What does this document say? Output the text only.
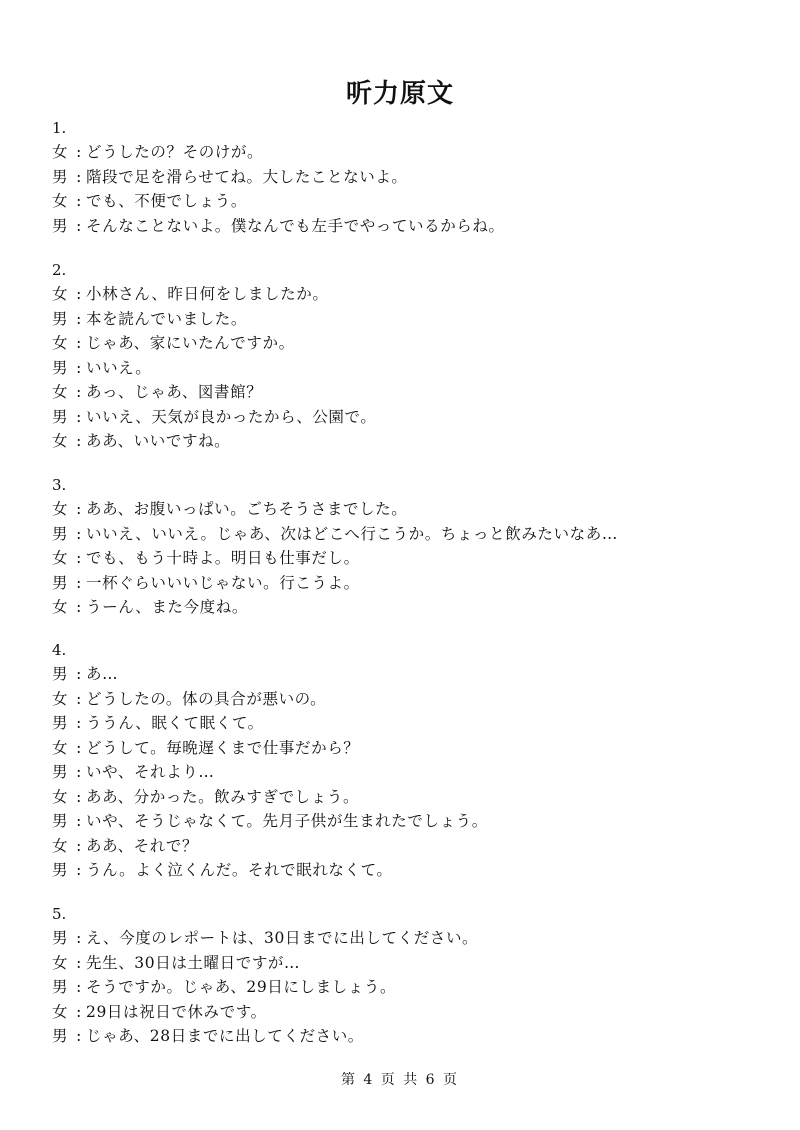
听力原文
1.
女 : どうしたの？そのけが。
男 : 階段で足を滑らせてね。大したことないよ。
女 : でも、不便でしょう。
男 : そんなことないよ。僕なんでも左手でやっているからね。
2.
女 : 小林さん、昨日何をしましたか。
男 : 本を読んでいました。
女 : じゃあ、家にいたんですか。
男 : いいえ。
女 : あっ、じゃあ、図書館？
男 : いいえ、天気が良かったから、公園で。
女 : ああ、いいですね。
3.
女 : ああ、お腹いっぱい。ごちそうさまでした。
男 : いいえ、いいえ。じゃあ、次はどこへ行こうか。ちょっと飲みたいなあ…
女 : でも、もう十時よ。明日も仕事だし。
男 : 一杯ぐらいいいじゃない。行こうよ。
女 : うーん、また今度ね。
4.
男 : あ…
女 : どうしたの。体の具合が悪いの。
男 : ううん、眠くて眠くて。
女 : どうして。毎晩遅くまで仕事だから？
男 : いや、それより…
女 : ああ、分かった。飲みすぎでしょう。
男 : いや、そうじゃなくて。先月子供が生まれたでしょう。
女 : ああ、それで？
男 : うん。よく泣くんだ。それで眠れなくて。
5.
男 : え、今度のレポートは、30日までに出してください。
女 : 先生、30日は土曜日ですが…
男 : そうですか。じゃあ、29日にしましょう。
女 : 29日は祝日で休みです。
男 : じゃあ、28日までに出してください。
第 4 页 共 6 页
